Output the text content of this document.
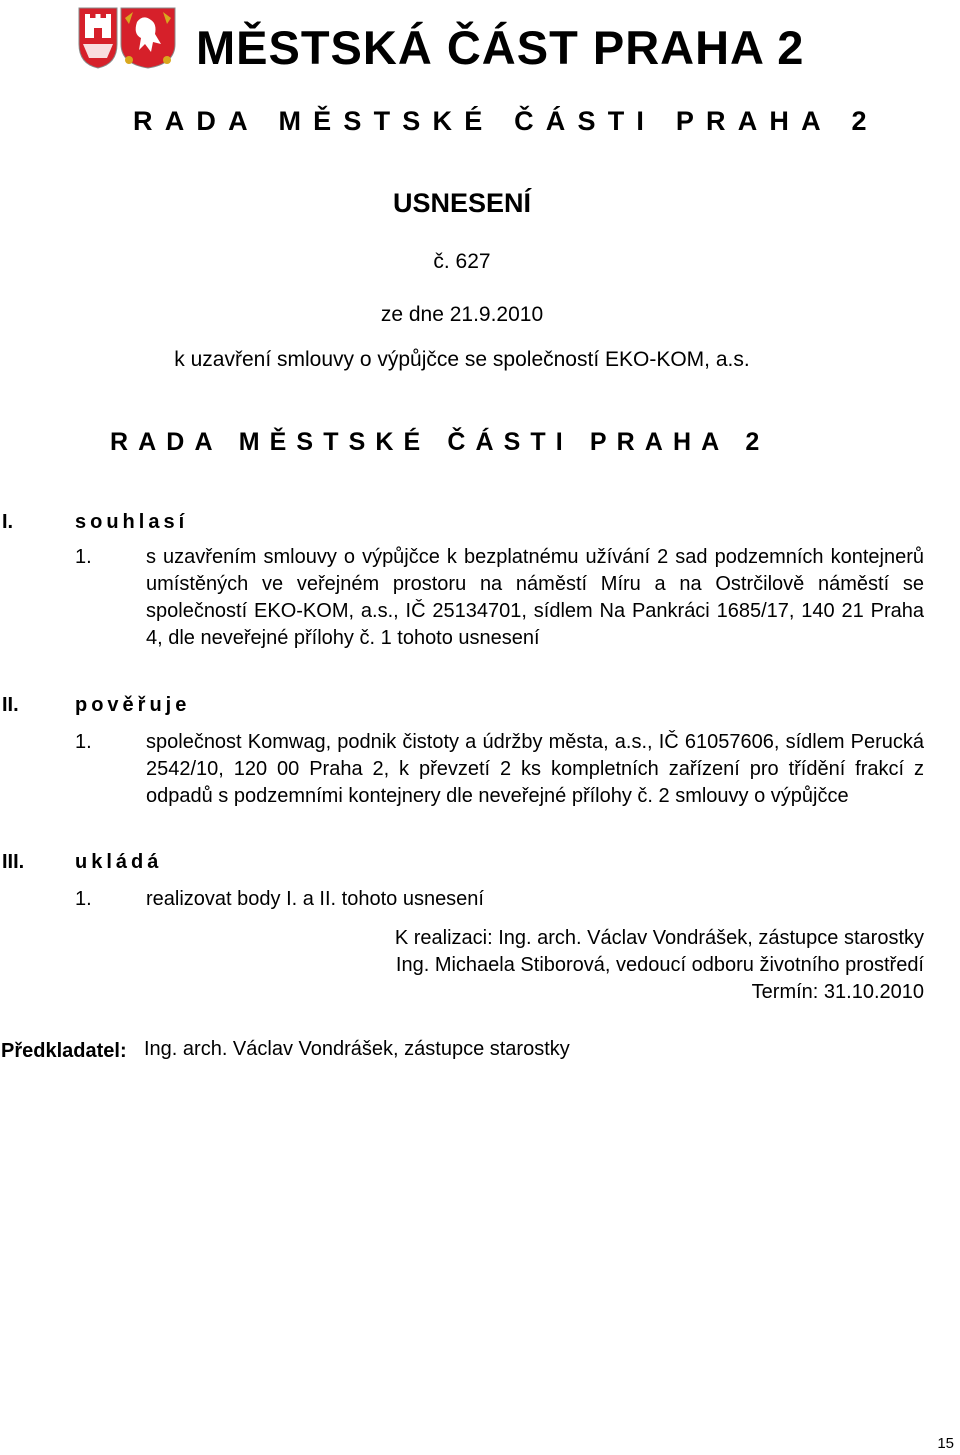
MĚSTSKÁ ČÁST PRAHA 2
RADA MĚSTSKÉ ČÁSTI PRAHA 2
USNESENÍ
č. 627
ze dne 21.9.2010
k uzavření smlouvy o výpůjčce se společností EKO-KOM, a.s.
RADA MĚSTSKÉ ČÁSTI PRAHA 2
I.	souhlasí
1.	s uzavřením smlouvy o výpůjčce k bezplatnému užívání 2 sad podzemních kontejnerů umístěných ve veřejném prostoru na náměstí Míru a na Ostrčilově náměstí se společností EKO-KOM, a.s., IČ 25134701, sídlem Na Pankráci 1685/17, 140 21 Praha 4, dle neveřejné přílohy č. 1 tohoto usnesení
II.	pověřuje
1.	společnost Komwag, podnik čistoty a údržby města, a.s., IČ 61057606, sídlem Perucká 2542/10, 120 00 Praha 2, k převzetí 2 ks kompletních zařízení pro třídění frakcí z odpadů s podzemními kontejnery dle neveřejné přílohy č. 2 smlouvy o výpůjčce
III.	ukládá
1.	realizovat body I. a II. tohoto usnesení
K realizaci: Ing. arch. Václav Vondrášek, zástupce starostky
Ing. Michaela Stiborová, vedoucí odboru životního prostředí
Termín: 31.10.2010
Předkladatel: Ing. arch. Václav Vondrášek, zástupce starostky
15
